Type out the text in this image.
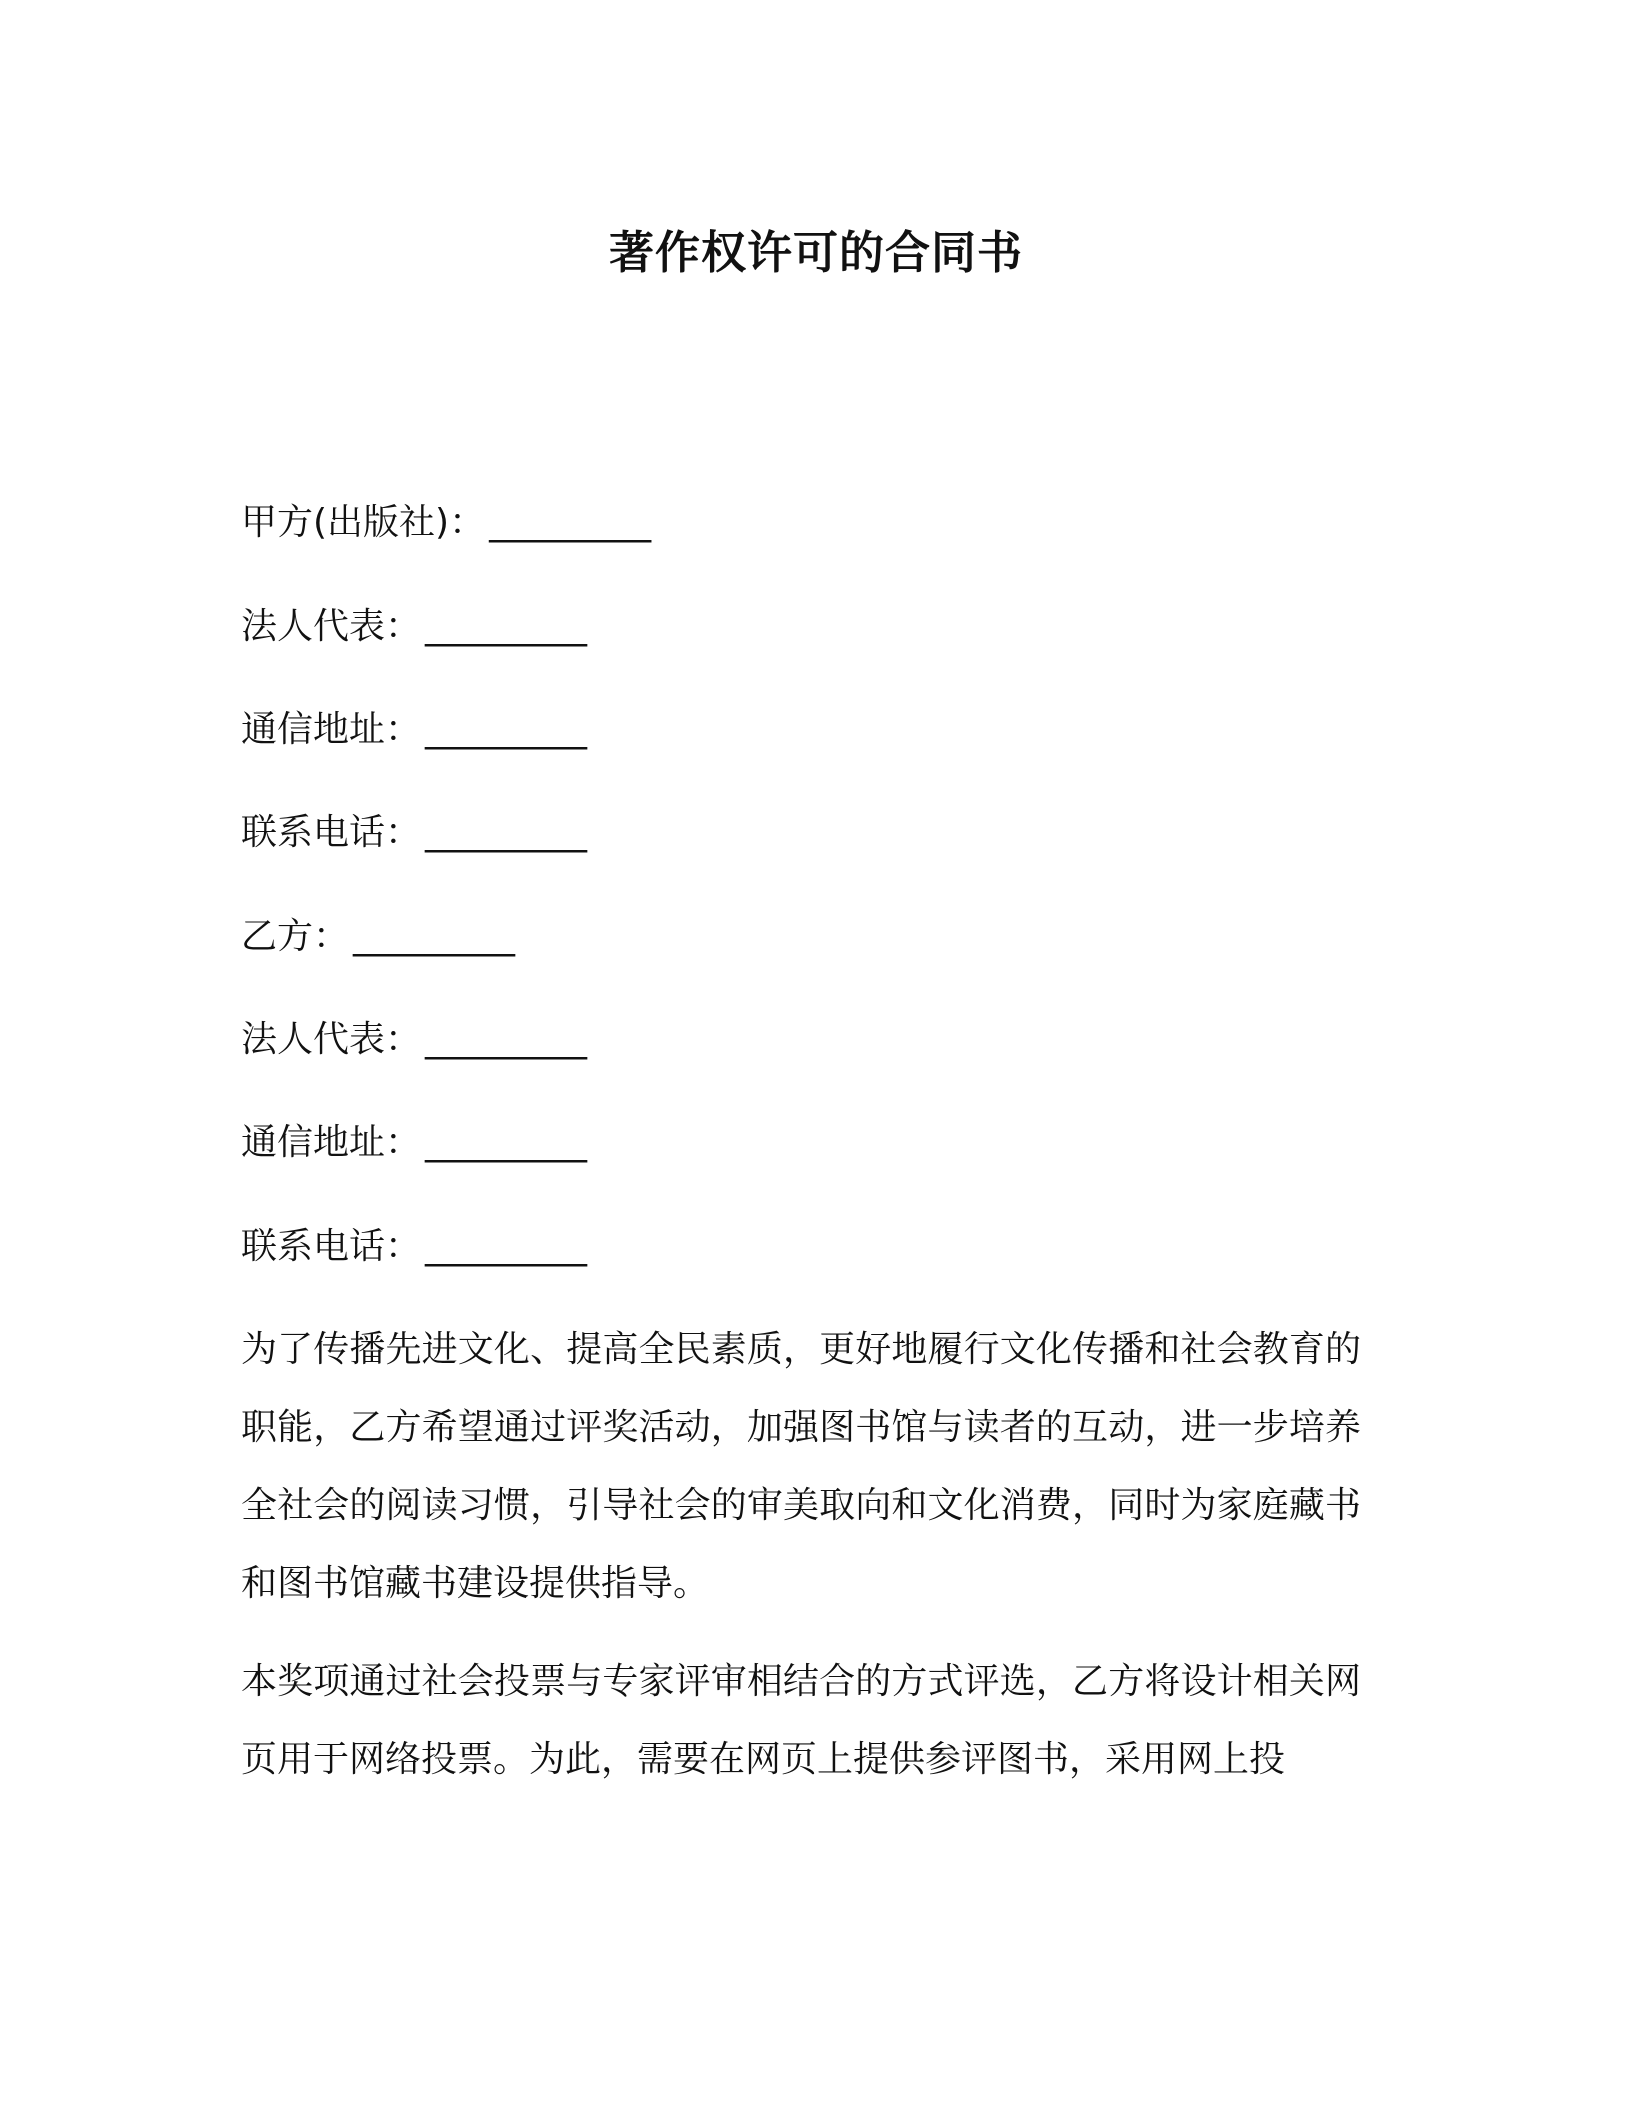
著作权许可的合同书

甲方(出版社)： _________

法人代表： _________

通信地址： _________

联系电话： _________

乙方： _________

法人代表： _________

通信地址： _________

联系电话： _________

为了传播先进文化、提高全民素质，更好地履行文化传播和社会教育的职能，乙方希望通过评奖活动，加强图书馆与读者的互动，进一步培养全社会的阅读习惯，引导社会的审美取向和文化消费，同时为家庭藏书和图书馆藏书建设提供指导。

本奖项通过社会投票与专家评审相结合的方式评选，乙方将设计相关网页用于网络投票。为此，需要在网页上提供参评图书，采用网上投
